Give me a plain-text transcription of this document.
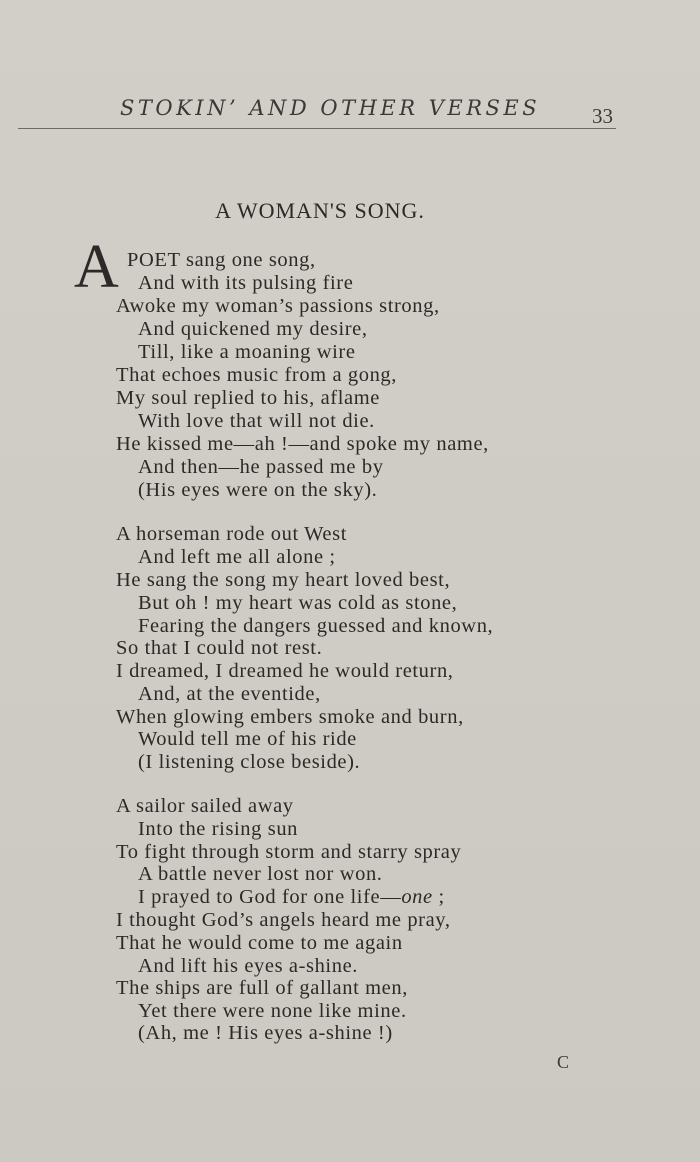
STOKIN’ AND OTHER VERSES 33
A WOMAN'S SONG.
A POET sang one song,
And with its pulsing fire
Awoke my woman’s passions strong,
And quickened my desire,
Till, like a moaning wire
That echoes music from a gong,
My soul replied to his, aflame
With love that will not die.
He kissed me—ah !—and spoke my name,
And then—he passed me by
(His eyes were on the sky).
A horseman rode out West
And left me all alone ;
He sang the song my heart loved best,
But oh ! my heart was cold as stone,
Fearing the dangers guessed and known,
So that I could not rest.
I dreamed, I dreamed he would return,
And, at the eventide,
When glowing embers smoke and burn,
Would tell me of his ride
(I listening close beside).
A sailor sailed away
Into the rising sun
To fight through storm and starry spray
A battle never lost nor won.
I prayed to God for one life—one ;
I thought God’s angels heard me pray,
That he would come to me again
And lift his eyes a-shine.
The ships are full of gallant men,
Yet there were none like mine.
(Ah, me ! His eyes a-shine !)
C
